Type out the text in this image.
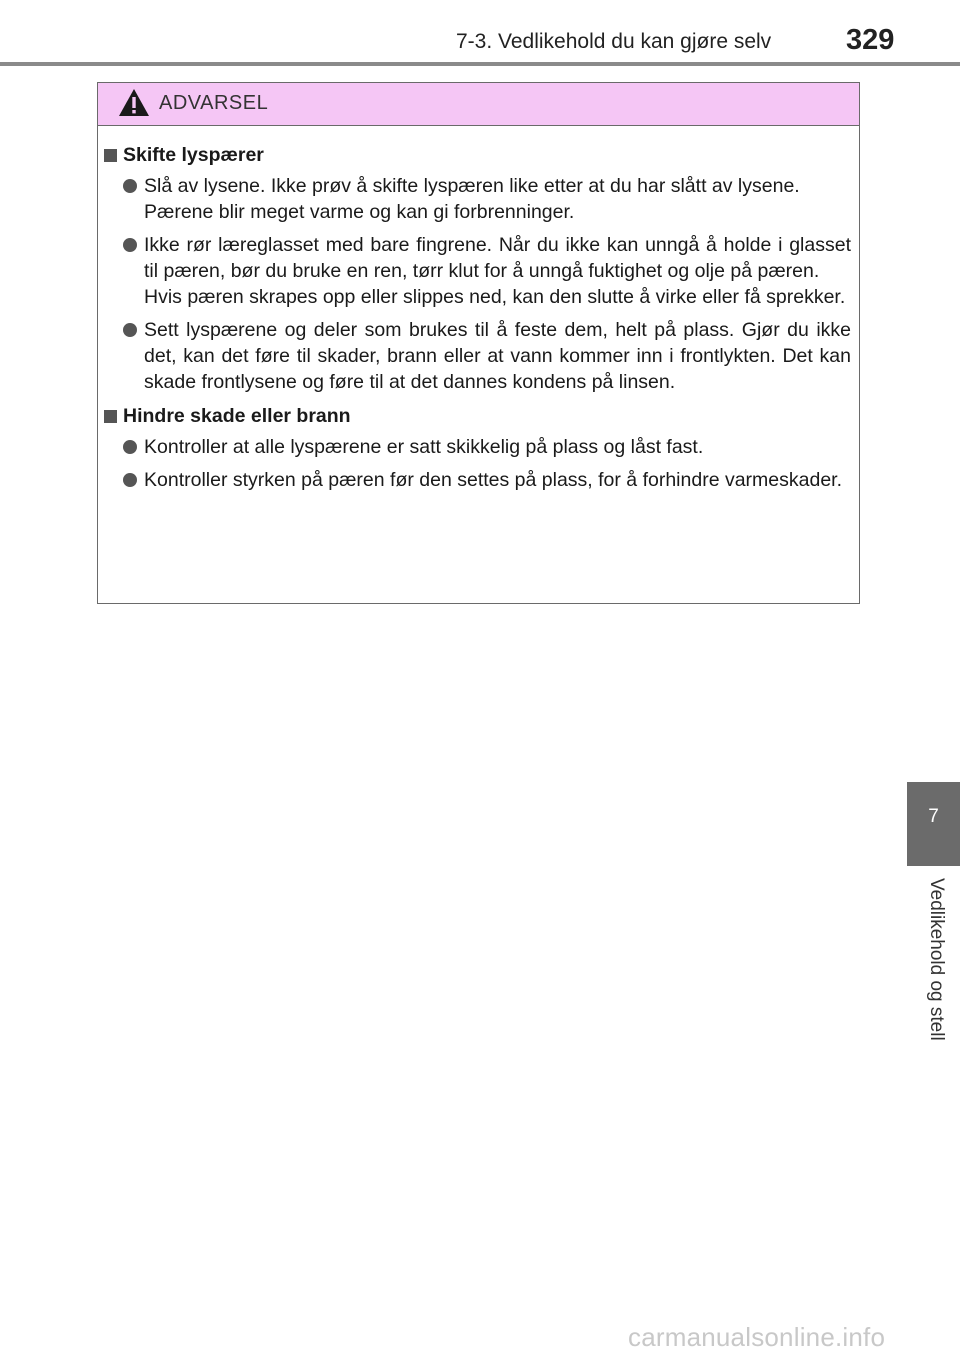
7-3. Vedlikehold du kan gjøre selv	329
ADVARSEL
Skifte lyspærer

Slå av lysene. Ikke prøv å skifte lyspæren like etter at du har slått av lysene.

Pærene blir meget varme og kan gi forbrenninger.

Ikke rør læreglasset med bare fingrene. Når du ikke kan unngå å holde i glasset til pæren, bør du bruke en ren, tørr klut for å unngå fuktighet og olje på pæren.

Hvis pæren skrapes opp eller slippes ned, kan den slutte å virke eller få sprekker.

Sett lyspærene og deler som brukes til å feste dem, helt på plass. Gjør du ikke det, kan det føre til skader, brann eller at vann kommer inn i frontlykten. Det kan skade frontlysene og føre til at det dannes kondens på linsen.

Hindre skade eller brann

Kontroller at alle lyspærene er satt skikkelig på plass og låst fast.

Kontroller styrken på pæren før den settes på plass, for å forhindre varmeskader.

7
Vedlikehold og stell
carmanualsonline.info
